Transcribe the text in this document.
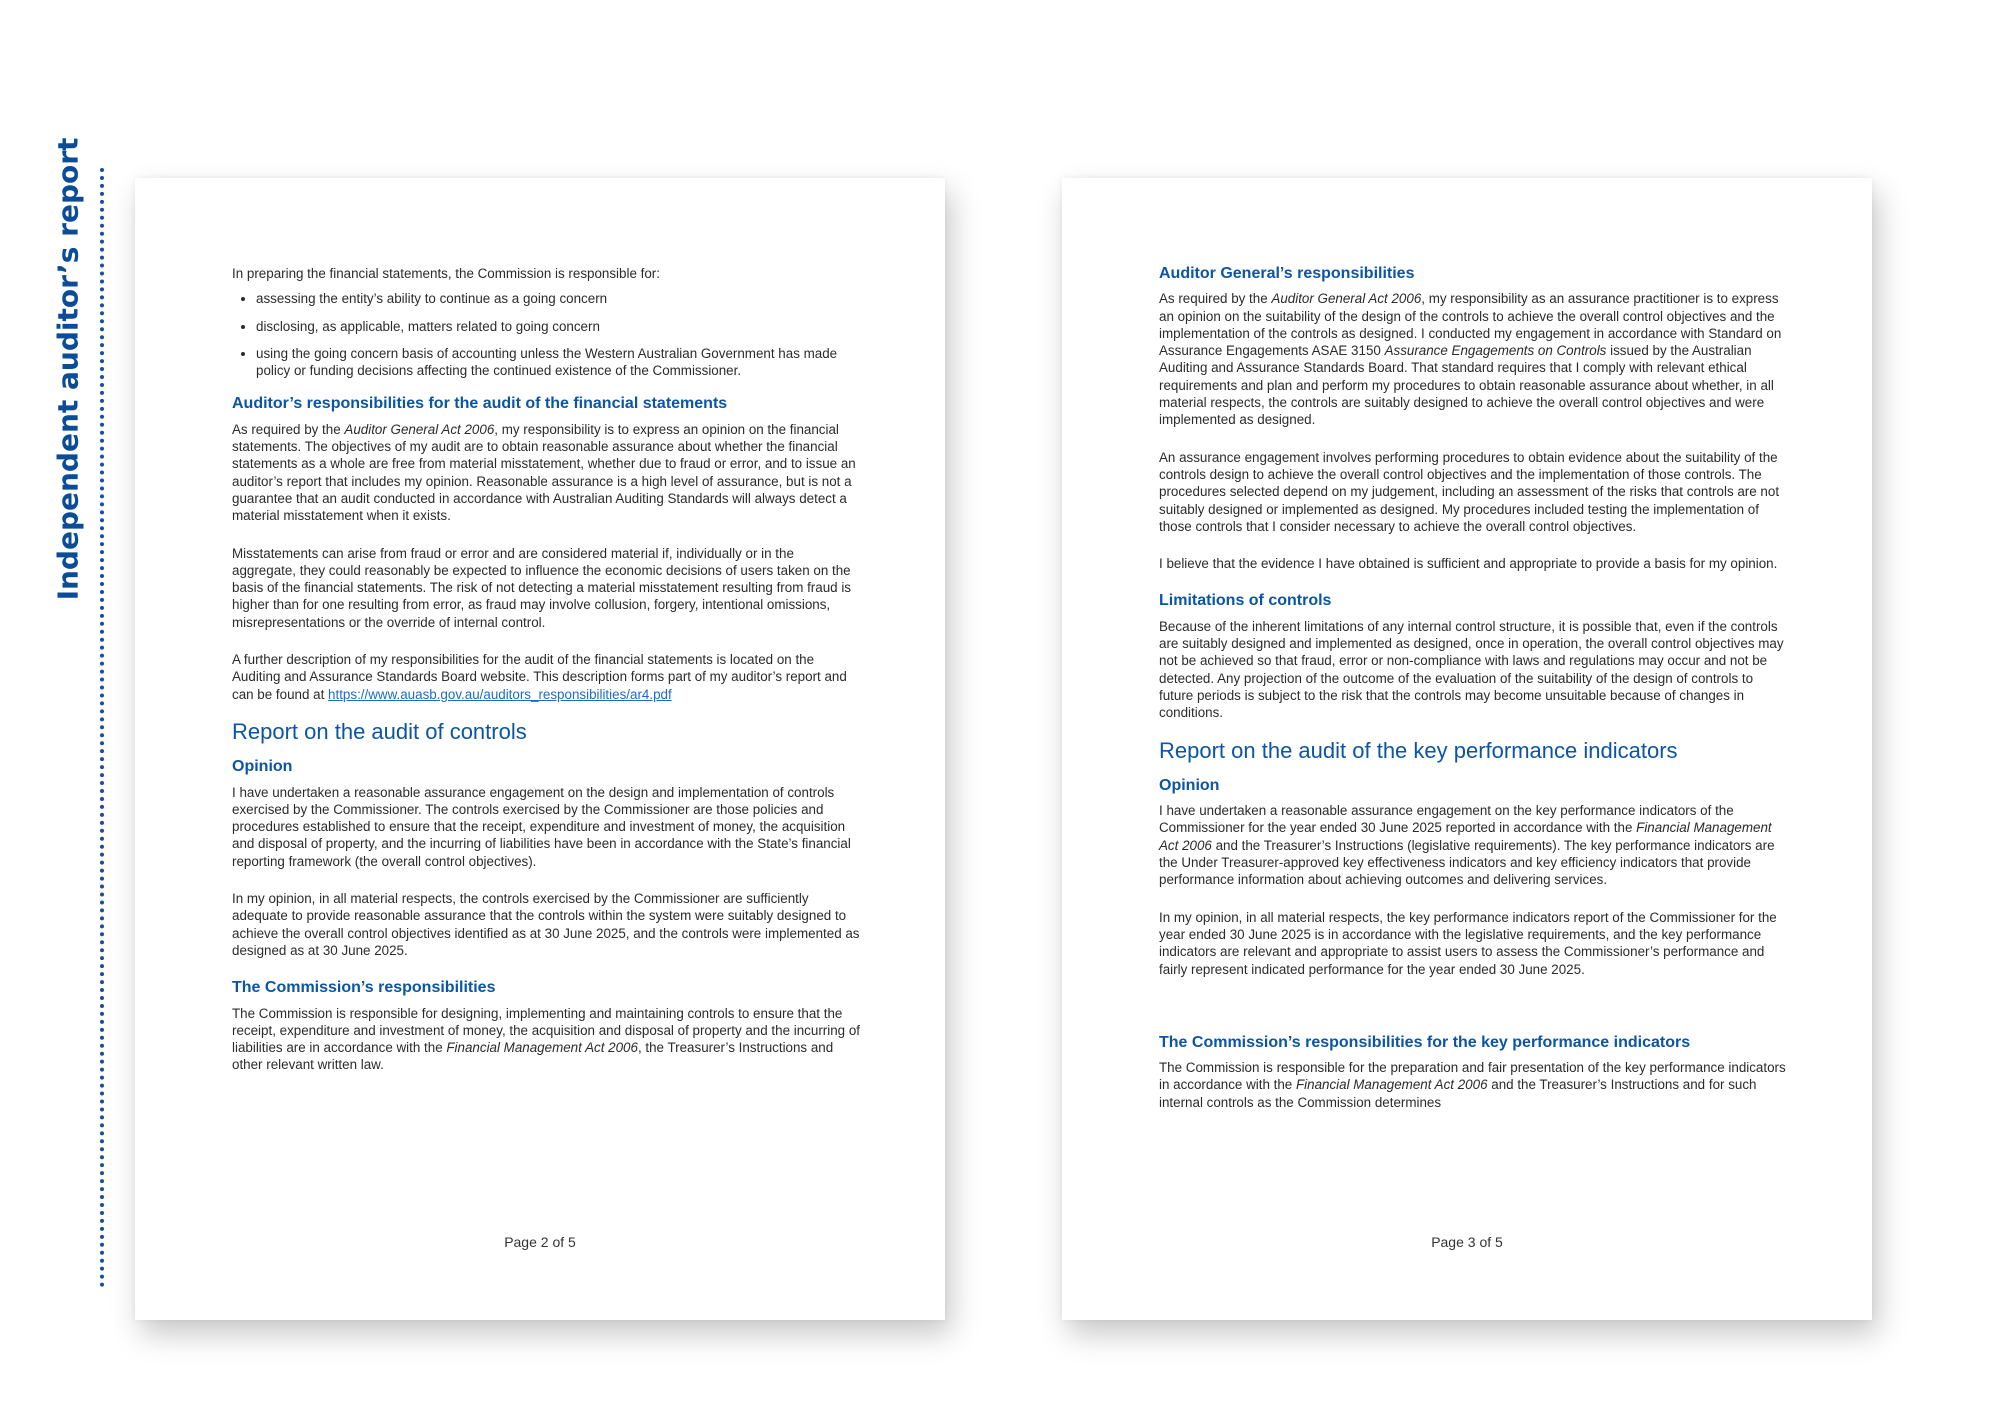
Independent auditor’s report	In preparing the financial statements, the Commission is responsible for:

• assessing the entity’s ability to continue as a going concern
• disclosing, as applicable, matters related to going concern
• using the going concern basis of accounting unless the Western Australian Government has made policy or funding decisions affecting the continued existence of the Commissioner.
Auditor’s responsibilities for the audit of the financial statements

As required by the Auditor General Act 2006, my responsibility is to express an opinion on the financial statements. The objectives of my audit are to obtain reasonable assurance about whether the financial statements as a whole are free from material misstatement, whether due to fraud or error, and to issue an auditor’s report that includes my opinion. Reasonable assurance is a high level of assurance, but is not a guarantee that an audit conducted in accordance with Australian Auditing Standards will always detect a material misstatement when it exists.

Misstatements can arise from fraud or error and are considered material if, individually or in the aggregate, they could reasonably be expected to influence the economic decisions of users taken on the basis of the financial statements. The risk of not detecting a material misstatement resulting from fraud is higher than for one resulting from error, as fraud may involve collusion, forgery, intentional omissions, misrepresentations or the override of internal control.

A further description of my responsibilities for the audit of the financial statements is located on the Auditing and Assurance Standards Board website. This description forms part of my auditor’s report and can be found at https://www.auasb.gov.au/auditors_responsibilities/ar4.pdf

Report on the audit of controls
Opinion

I have undertaken a reasonable assurance engagement on the design and implementation of controls exercised by the Commissioner. The controls exercised by the Commissioner are those policies and procedures established to ensure that the receipt, expenditure and investment of money, the acquisition and disposal of property, and the incurring of liabilities have been in accordance with the State’s financial reporting framework (the overall control objectives).

In my opinion, in all material respects, the controls exercised by the Commissioner are sufficiently adequate to provide reasonable assurance that the controls within the system were suitably designed to achieve the overall control objectives identified as at 30 June 2025, and the controls were implemented as designed as at 30 June 2025.

The Commission’s responsibilities

The Commission is responsible for designing, implementing and maintaining controls to ensure that the receipt, expenditure and investment of money, the acquisition and disposal of property and the incurring of liabilities are in accordance with the Financial Management Act 2006, the Treasurer’s Instructions and other relevant written law.

Page 2 of 5
Auditor General’s responsibilities

As required by the Auditor General Act 2006, my responsibility as an assurance practitioner is to express an opinion on the suitability of the design of the controls to achieve the overall control objectives and the implementation of the controls as designed. I conducted my engagement in accordance with Standard on Assurance Engagements ASAE 3150 Assurance Engagements on Controls issued by the Australian Auditing and Assurance Standards Board. That standard requires that I comply with relevant ethical requirements and plan and perform my procedures to obtain reasonable assurance about whether, in all material respects, the controls are suitably designed to achieve the overall control objectives and were implemented as designed.

An assurance engagement involves performing procedures to obtain evidence about the suitability of the controls design to achieve the overall control objectives and the implementation of those controls. The procedures selected depend on my judgement, including an assessment of the risks that controls are not suitably designed or implemented as designed. My procedures included testing the implementation of those controls that I consider necessary to achieve the overall control objectives.

I believe that the evidence I have obtained is sufficient and appropriate to provide a basis for my opinion.

Limitations of controls

Because of the inherent limitations of any internal control structure, it is possible that, even if the controls are suitably designed and implemented as designed, once in operation, the overall control objectives may not be achieved so that fraud, error or non-compliance with laws and regulations may occur and not be detected. Any projection of the outcome of the evaluation of the suitability of the design of controls to future periods is subject to the risk that the controls may become unsuitable because of changes in conditions.

Report on the audit of the key performance indicators
Opinion

I have undertaken a reasonable assurance engagement on the key performance indicators of the Commissioner for the year ended 30 June 2025 reported in accordance with the Financial Management Act 2006 and the Treasurer’s Instructions (legislative requirements). The key performance indicators are the Under Treasurer-approved key effectiveness indicators and key efficiency indicators that provide performance information about achieving outcomes and delivering services.

In my opinion, in all material respects, the key performance indicators report of the Commissioner for the year ended 30 June 2025 is in accordance with the legislative requirements, and the key performance indicators are relevant and appropriate to assist users to assess the Commissioner’s performance and fairly represent indicated performance for the year ended 30 June 2025.

The Commission’s responsibilities for the key performance indicators

The Commission is responsible for the preparation and fair presentation of the key performance indicators in accordance with the Financial Management Act 2006 and the Treasurer’s Instructions and for such internal controls as the Commission determines

Page 3 of 5
